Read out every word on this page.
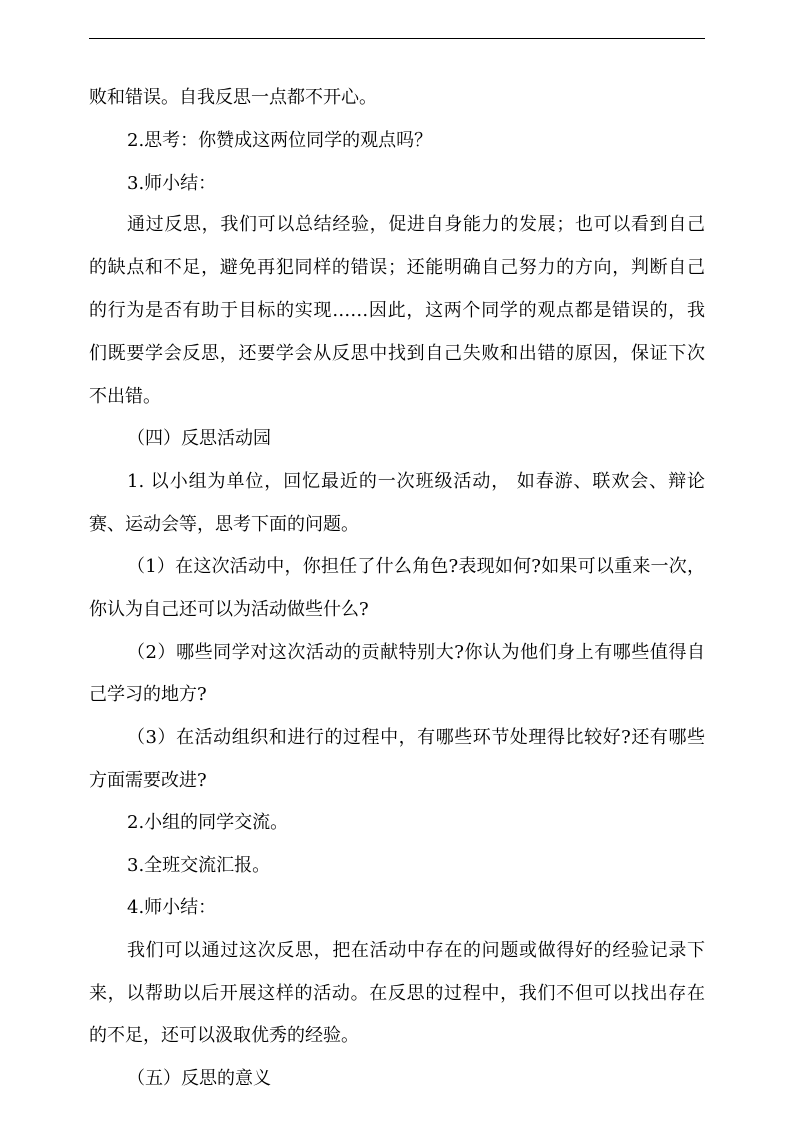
败和错误。自我反思一点都不开心。
2.思考：你赞成这两位同学的观点吗？
3.师小结：
通过反思，我们可以总结经验，促进自身能力的发展；也可以看到自己
的缺点和不足，避免再犯同样的错误；还能明确自己努力的方向，判断自己
的行为是否有助于目标的实现……因此，这两个同学的观点都是错误的，我
们既要学会反思，还要学会从反思中找到自己失败和出错的原因，保证下次
不出错。
（四）反思活动园
1. 以小组为单位，回忆最近的一次班级活动， 如春游、联欢会、辩论
赛、运动会等，思考下面的问题。
（1）在这次活动中，你担任了什么角色?表现如何?如果可以重来一次，
你认为自己还可以为活动做些什么?
（2）哪些同学对这次活动的贡献特别大?你认为他们身上有哪些值得自
己学习的地方?
（3）在活动组织和进行的过程中，有哪些环节处理得比较好?还有哪些
方面需要改进?
2.小组的同学交流。
3.全班交流汇报。
4.师小结：
我们可以通过这次反思，把在活动中存在的问题或做得好的经验记录下
来，以帮助以后开展这样的活动。在反思的过程中，我们不但可以找出存在
的不足，还可以汲取优秀的经验。
（五）反思的意义
